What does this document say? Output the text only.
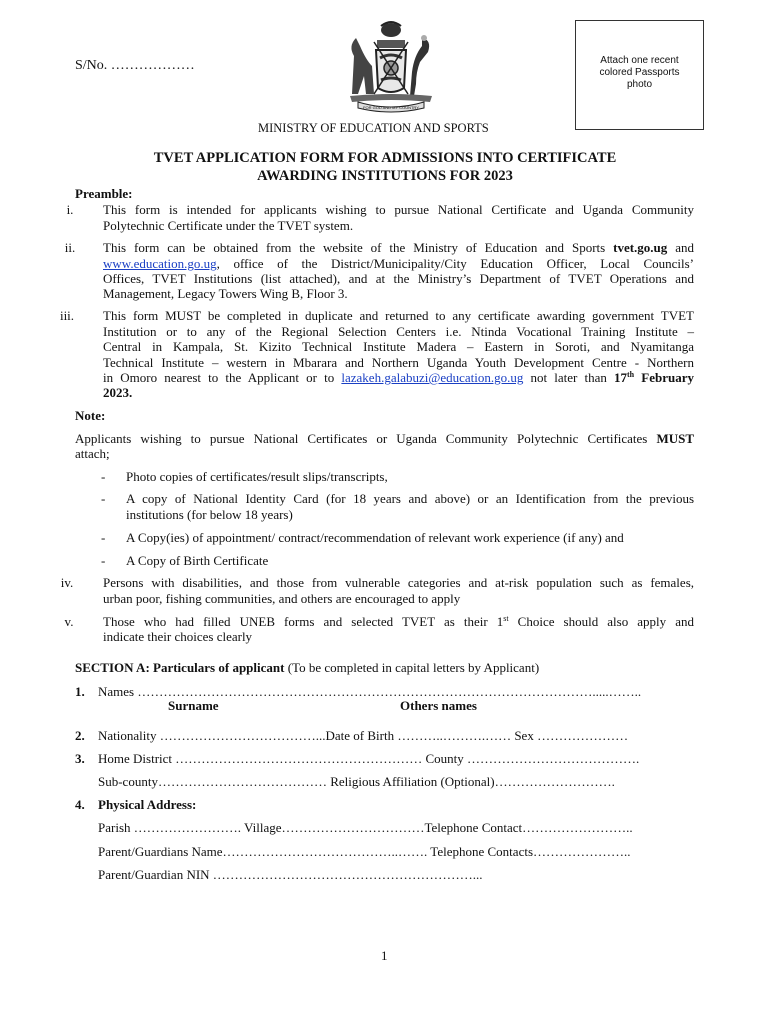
S/No. ………………
FOR GOD AND MY COUNTRY
Attach one recent colored Passports photo
MINISTRY OF EDUCATION AND SPORTS
TVET APPLICATION FORM FOR ADMISSIONS INTO CERTIFICATE
AWARDING INSTITUTIONS FOR 2023
Preamble:
i.	This form is intended for applicants wishing to pursue National Certificate and Uganda Community
Polytechnic Certificate under the TVET system.
ii.	This form can be obtained from the website of the Ministry of Education and Sports tvet.go.ug and
www.education.go.ug, office of the District/Municipality/City Education Officer, Local Councils’
Offices, TVET Institutions (list attached), and at the Ministry’s Department of TVET Operations and
Management, Legacy Towers Wing B, Floor 3.
iii.	This form MUST be completed in duplicate and returned to any certificate awarding government TVET
Institution or to any of the Regional Selection Centers i.e. Ntinda Vocational Training Institute –
Central in Kampala, St. Kizito Technical Institute Madera – Eastern in Soroti, and Nyamitanga
Technical Institute – western in Mbarara and Northern Uganda Youth Development Centre - Northern
in Omoro nearest to the Applicant or to lazakeh.galabuzi@education.go.ug not later than 17th February
2023.
Note:
Applicants wishing to pursue National Certificates or Uganda Community Polytechnic Certificates MUST
attach;
- Photo copies of certificates/result slips/transcripts,
- A copy of National Identity Card (for 18 years and above) or an Identification from the previous
institutions (for below 18 years)
- A Copy(ies) of appointment/ contract/recommendation of relevant work experience (if any) and
- A Copy of Birth Certificate
iv.	Persons with disabilities, and those from vulnerable categories and at-risk population such as females,
urban poor, fishing communities, and others are encouraged to apply
v.	Those who had filled UNEB forms and selected TVET as their 1st Choice should also apply and
indicate their choices clearly
SECTION A: Particulars of applicant (To be completed in capital letters by Applicant)
1. Names …………………………………………………………………………………………….....……..
Surname	Others names
2. Nationality ………………………………...Date of Birth ………..……….…… Sex …………………
3. Home District ………………………………………………… County ………………………………….
Sub-county………………………………… Religious Affiliation (Optional)……………………….
4. Physical Address:
Parish ……………………. Village……………………………Telephone Contact……………………..
Parent/Guardians Name…………………………………..……. Telephone Contacts…………………..
Parent/Guardian NIN ……………………………………………………...
1
